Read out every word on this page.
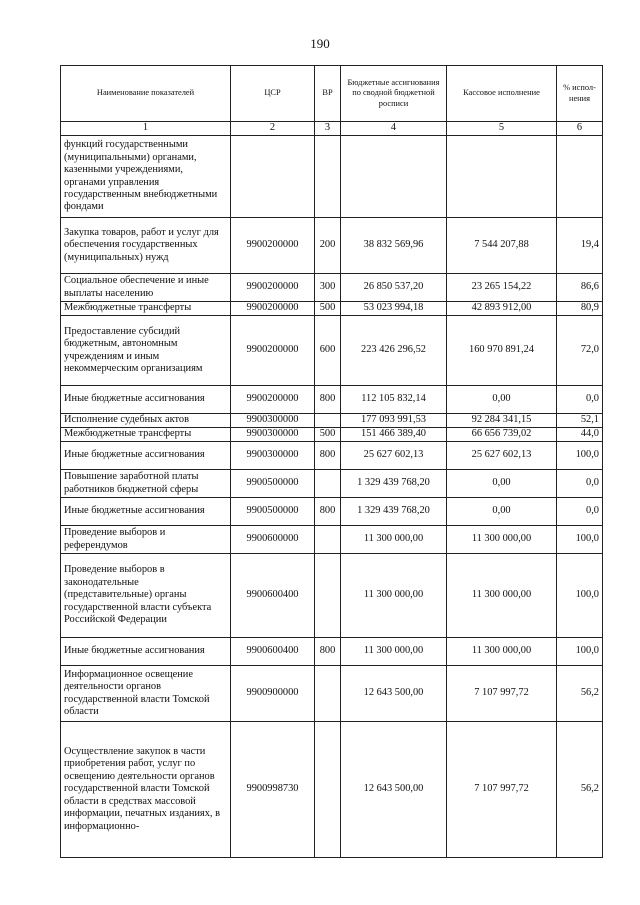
190
Наименование показателей	ЦСР	ВР	Бюджетные ассигнования по сводной бюджетной росписи	Кассовое исполнение	% испол-нения
1	2	3	4	5	6
функций государственными (муниципальными) органами, казенными учреждениями, органами управления государственным внебюджетными фондами					
Закупка товаров, работ и услуг для обеспечения государственных (муниципальных) нужд	9900200000	200	38 832 569,96	7 544 207,88	19,4
Социальное обеспечение и иные выплаты населению	9900200000	300	26 850 537,20	23 265 154,22	86,6
Межбюджетные трансферты	9900200000	500	53 023 994,18	42 893 912,00	80,9
Предоставление субсидий бюджетным, автономным учреждениям и иным некоммерческим организациям	9900200000	600	223 426 296,52	160 970 891,24	72,0
Иные бюджетные ассигнования	9900200000	800	112 105 832,14	0,00	0,0
Исполнение судебных актов	9900300000		177 093 991,53	92 284 341,15	52,1
Межбюджетные трансферты	9900300000	500	151 466 389,40	66 656 739,02	44,0
Иные бюджетные ассигнования	9900300000	800	25 627 602,13	25 627 602,13	100,0
Повышение заработной платы работников бюджетной сферы	9900500000		1 329 439 768,20	0,00	0,0
Иные бюджетные ассигнования	9900500000	800	1 329 439 768,20	0,00	0,0
Проведение выборов и референдумов	9900600000		11 300 000,00	11 300 000,00	100,0
Проведение выборов в законодательные (представительные) органы государственной власти субъекта Российской Федерации	9900600400		11 300 000,00	11 300 000,00	100,0
Иные бюджетные ассигнования	9900600400	800	11 300 000,00	11 300 000,00	100,0
Информационное освещение деятельности органов государственной власти Томской области	9900900000		12 643 500,00	7 107 997,72	56,2
Осуществление закупок в части приобретения работ, услуг по освещению деятельности органов государственной власти Томской области в средствах массовой информации, печатных изданиях, в информационно-	9900998730		12 643 500,00	7 107 997,72	56,2
